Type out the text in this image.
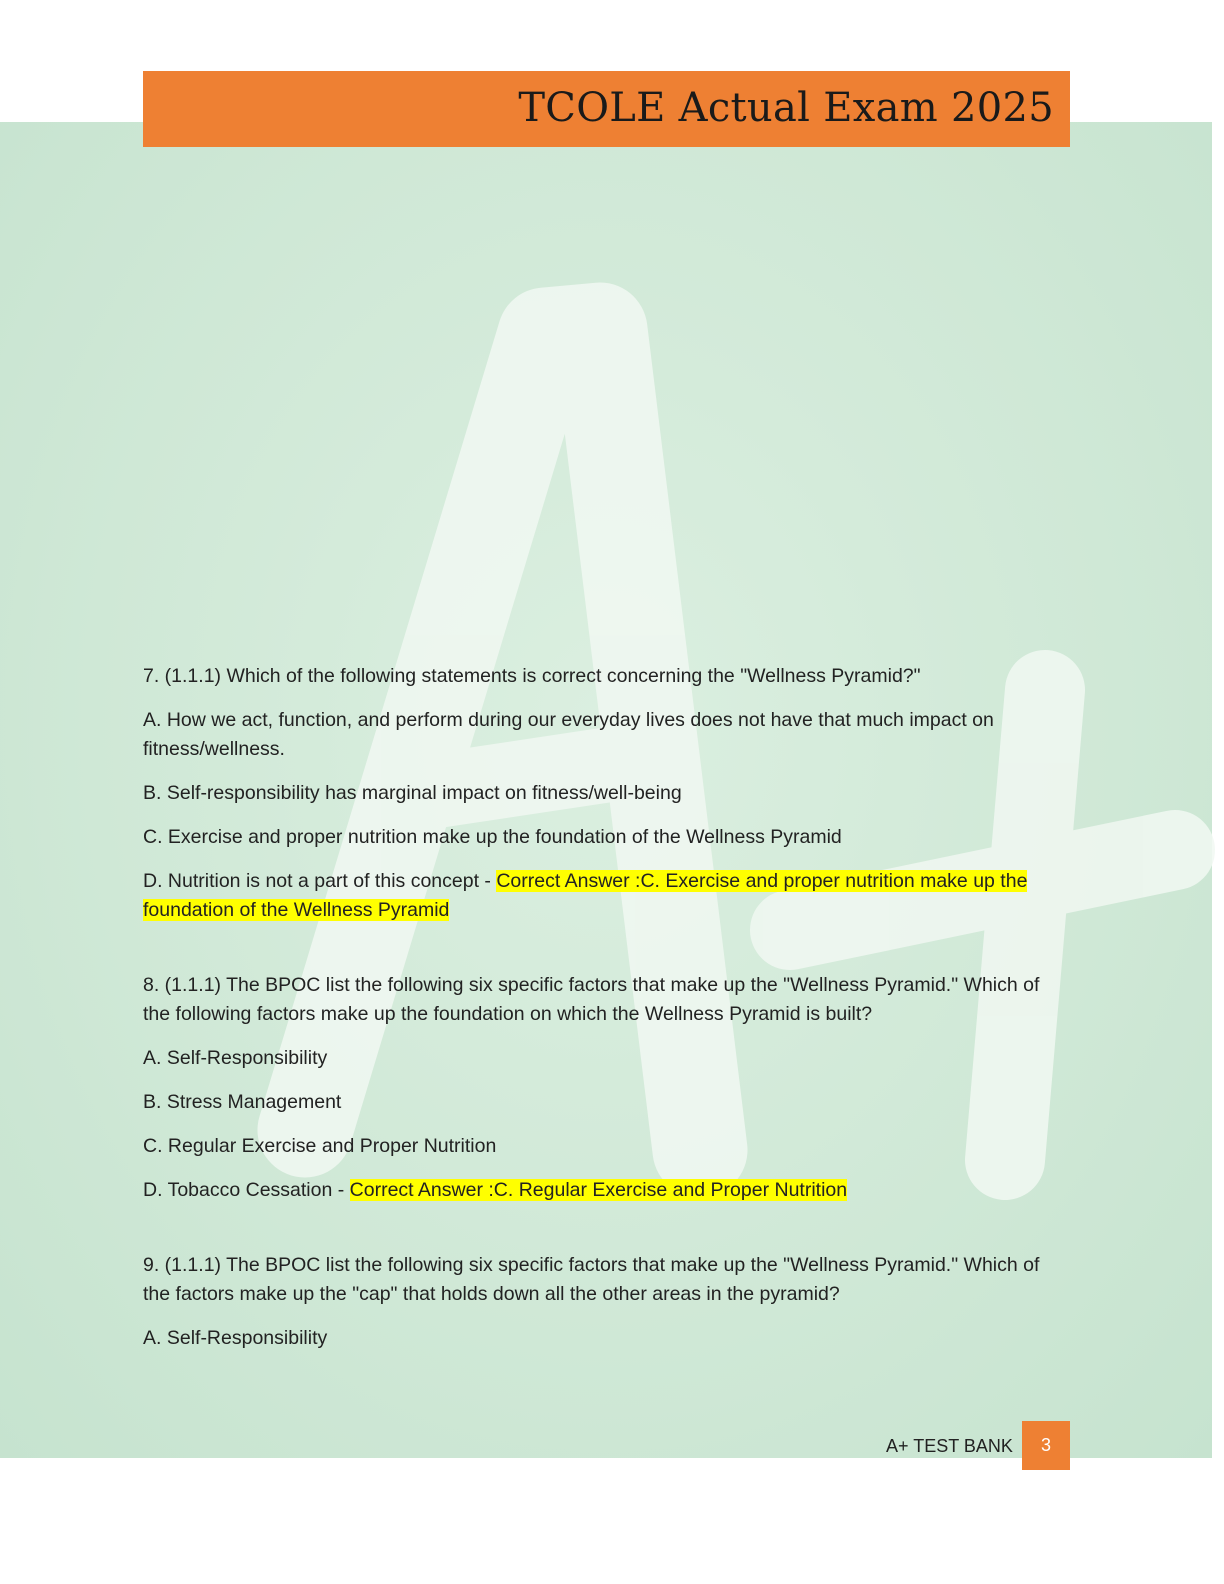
TCOLE Actual Exam 2025

7. (1.1.1) Which of the following statements is correct concerning the "Wellness Pyramid?"

A. How we act, function, and perform during our everyday lives does not have that much impact on fitness/wellness.

B. Self-responsibility has marginal impact on fitness/well-being

C. Exercise and proper nutrition make up the foundation of the Wellness Pyramid

D. Nutrition is not a part of this concept - Correct Answer :C. Exercise and proper nutrition make up the foundation of the Wellness Pyramid

8. (1.1.1) The BPOC list the following six specific factors that make up the "Wellness Pyramid." Which of the following factors make up the foundation on which the Wellness Pyramid is built?

A. Self-Responsibility

B. Stress Management

C. Regular Exercise and Proper Nutrition

D. Tobacco Cessation - Correct Answer :C. Regular Exercise and Proper Nutrition

9. (1.1.1) The BPOC list the following six specific factors that make up the "Wellness Pyramid." Which of the factors make up the "cap" that holds down all the other areas in the pyramid?

A. Self-Responsibility

A+ TEST BANK	3
